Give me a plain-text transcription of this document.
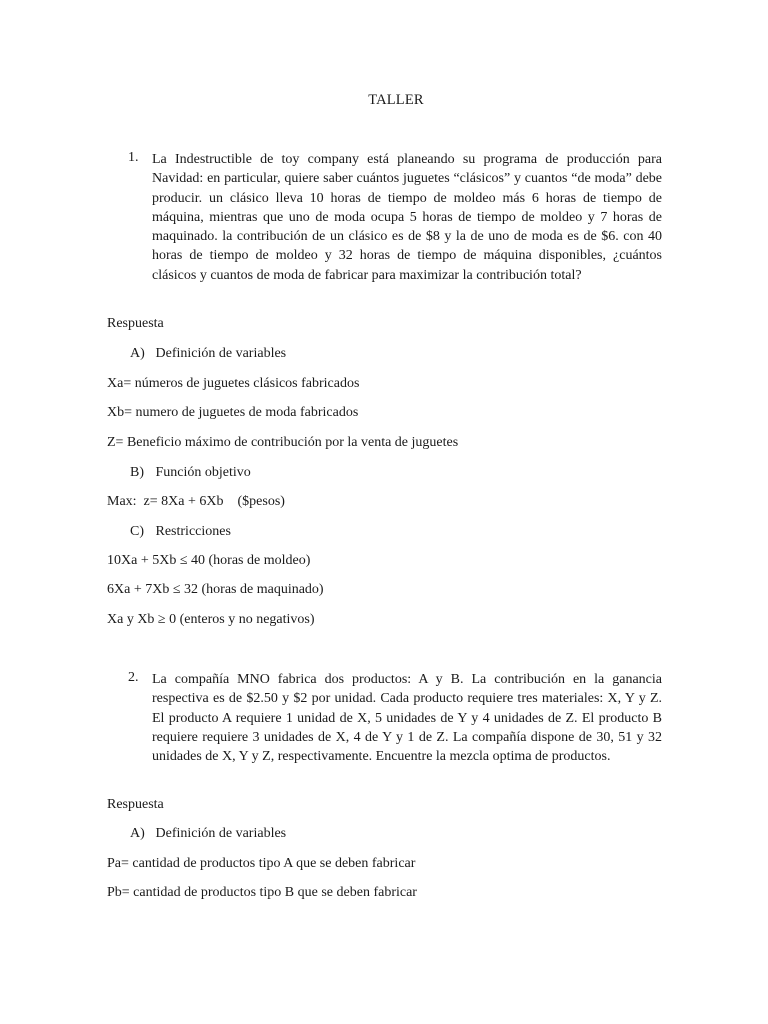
TALLER
1. La Indestructible de toy company está planeando su programa de producción para Navidad: en particular, quiere saber cuántos juguetes “clásicos” y cuantos “de moda” debe producir. un clásico lleva 10 horas de tiempo de moldeo más 6 horas de tiempo de máquina, mientras que uno de moda ocupa 5 horas de tiempo de moldeo y 7 horas de maquinado. la contribución de un clásico es de $8 y la de uno de moda es de $6. con 40 horas de tiempo de moldeo y 32 horas de tiempo de máquina disponibles, ¿cuántos clásicos y cuantos de moda de fabricar para maximizar la contribución total?
Respuesta
A) Definición de variables
Xa= números de juguetes clásicos fabricados
Xb= numero de juguetes de moda fabricados
Z= Beneficio máximo de contribución por la venta de juguetes
B) Función objetivo
Max:  z= 8Xa + 6Xb    ($pesos)
C) Restricciones
10Xa + 5Xb ≤ 40 (horas de moldeo)
6Xa + 7Xb ≤ 32 (horas de maquinado)
Xa y Xb ≥ 0 (enteros y no negativos)
2. La compañía MNO fabrica dos productos: A y B. La contribución en la ganancia respectiva es de $2.50 y $2 por unidad. Cada producto requiere tres materiales: X, Y y Z. El producto A requiere 1 unidad de X, 5 unidades de Y y 4 unidades de Z. El producto B requiere requiere 3 unidades de X, 4 de Y y 1 de Z. La compañía dispone de 30, 51 y 32 unidades de X, Y y Z, respectivamente. Encuentre la mezcla optima de productos.
Respuesta
A) Definición de variables
Pa= cantidad de productos tipo A que se deben fabricar
Pb= cantidad de productos tipo B que se deben fabricar
